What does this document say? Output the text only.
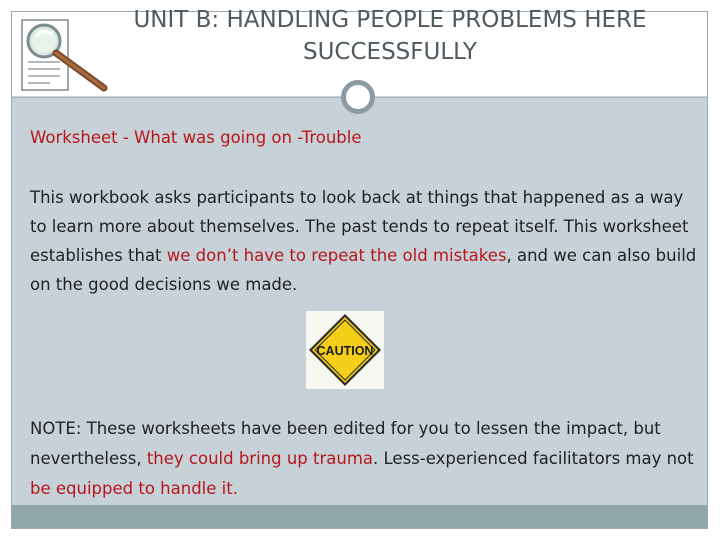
UNIT B: HANDLING PEOPLE PROBLEMS HERE
SUCCESSFULLY
Worksheet - What was going on -Trouble
This workbook asks participants to look back at things that happened as a way to learn more about themselves. The past tends to repeat itself. This worksheet establishes that we don’t have to repeat the old mistakes, and we can also build on the good decisions we made.
CAUTION
NOTE: These worksheets have been edited for you to lessen the impact, but nevertheless, they could bring up trauma. Less-experienced facilitators may not be equipped to handle it.
